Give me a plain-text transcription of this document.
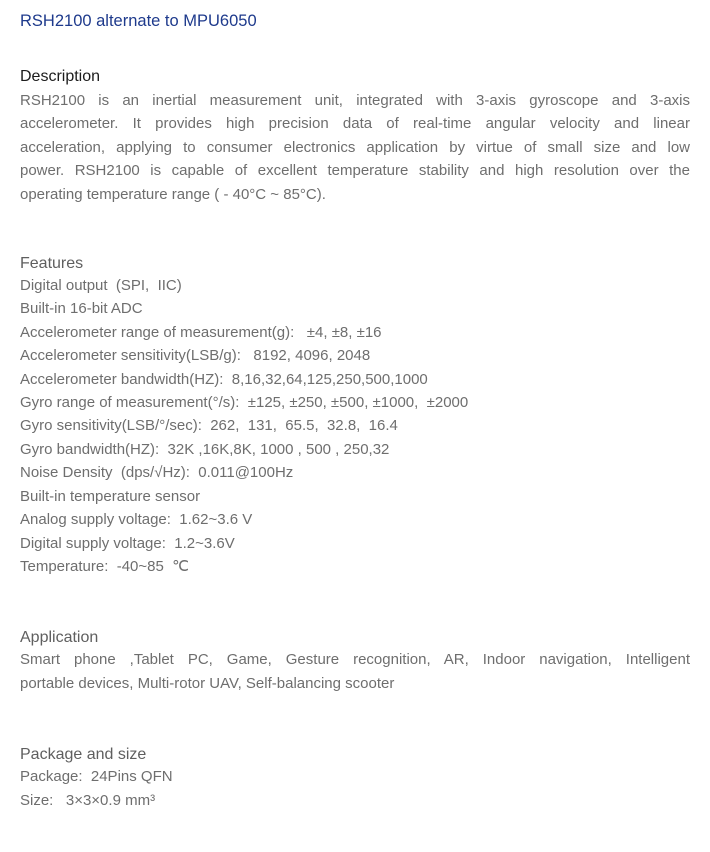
RSH2100 alternate to MPU6050
Description
RSH2100 is an inertial measurement unit, integrated with 3-axis gyroscope and 3-axis
accelerometer. It provides high precision data of real-time angular velocity and linear
acceleration, applying to consumer electronics application by virtue of small size and low
power. RSH2100 is capable of excellent temperature stability and high resolution over the
operating temperature range ( - 40°C ~ 85°C).
Features
Digital output  (SPI,  IIC)
Built-in 16-bit ADC
Accelerometer range of measurement(g):   ±4, ±8, ±16
Accelerometer sensitivity(LSB/g):   8192, 4096, 2048
Accelerometer bandwidth(HZ):  8,16,32,64,125,250,500,1000
Gyro range of measurement(°/s):  ±125, ±250, ±500, ±1000,  ±2000
Gyro sensitivity(LSB/°/sec):  262,  131,  65.5,  32.8,  16.4
Gyro bandwidth(HZ):  32K ,16K,8K, 1000 , 500 , 250,32
Noise Density  (dps/√Hz):  0.011@100Hz
Built-in temperature sensor
Analog supply voltage:  1.62~3.6 V
Digital supply voltage:  1.2~3.6V
Temperature:  -40~85  ℃
Application
Smart phone ,Tablet PC, Game, Gesture recognition, AR, Indoor navigation, Intelligent
portable devices, Multi-rotor UAV, Self-balancing scooter
Package and size
Package:  24Pins QFN
Size:   3×3×0.9 mm³
